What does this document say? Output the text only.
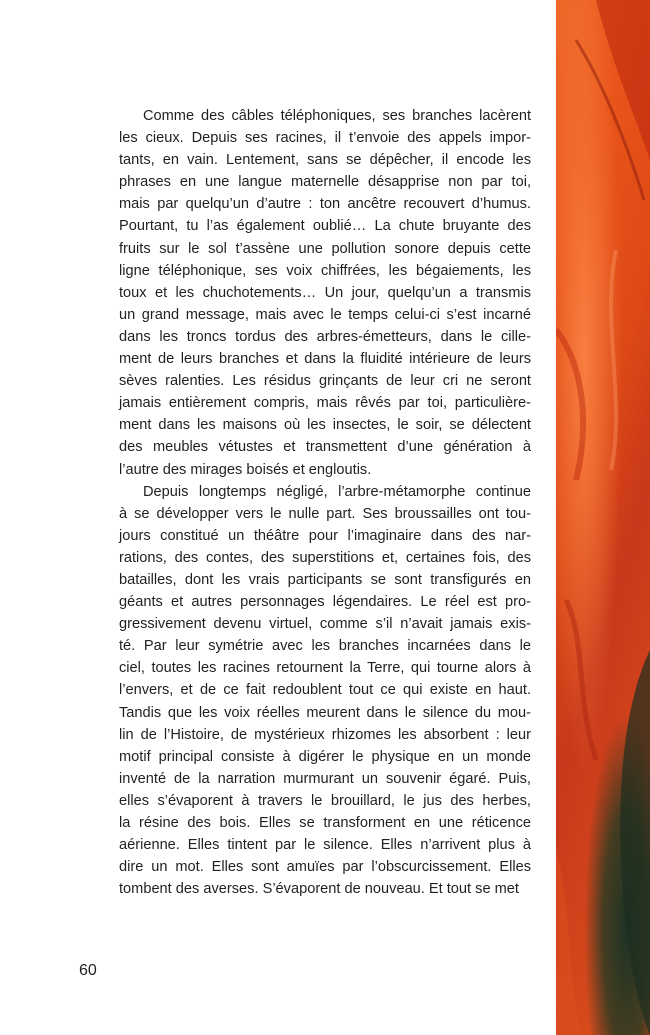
Comme des câbles téléphoniques, ses branches lacèrent
les cieux. Depuis ses racines, il t’envoie des appels impor-
tants, en vain. Lentement, sans se dépêcher, il encode les
phrases en une langue maternelle désapprise non par toi,
mais par quelqu’un d’autre : ton ancêtre recouvert d’humus.
Pourtant, tu l’as également oublié… La chute bruyante des
fruits sur le sol t’assène une pollution sonore depuis cette
ligne téléphonique, ses voix chiffrées, les bégaiements, les
toux et les chuchotements… Un jour, quelqu’un a transmis
un grand message, mais avec le temps celui-ci s’est incarné
dans les troncs tordus des arbres-émetteurs, dans le cille-
ment de leurs branches et dans la fluidité intérieure de leurs
sèves ralenties. Les résidus grinçants de leur cri ne seront
jamais entièrement compris, mais rêvés par toi, particulière-
ment dans les maisons où les insectes, le soir, se délectent
des meubles vétustes et transmettent d’une génération à
l’autre des mirages boisés et engloutis.
Depuis longtemps négligé, l’arbre-métamorphe continue
à se développer vers le nulle part. Ses broussailles ont tou-
jours constitué un théâtre pour l’imaginaire dans des nar-
rations, des contes, des superstitions et, certaines fois, des
batailles, dont les vrais participants se sont transfigurés en
géants et autres personnages légendaires. Le réel est pro-
gressivement devenu virtuel, comme s’il n’avait jamais exis-
té. Par leur symétrie avec les branches incarnées dans le
ciel, toutes les racines retournent la Terre, qui tourne alors à
l’envers, et de ce fait redoublent tout ce qui existe en haut.
Tandis que les voix réelles meurent dans le silence du mou-
lin de l’Histoire, de mystérieux rhizomes les absorbent : leur
motif principal consiste à digérer le physique en un monde
inventé de la narration murmurant un souvenir égaré. Puis,
elles s’évaporent à travers le brouillard, le jus des herbes,
la résine des bois. Elles se transforment en une réticence
aérienne. Elles tintent par le silence. Elles n’arrivent plus à
dire un mot. Elles sont amuïes par l’obscurcissement. Elles
tombent des averses. S’évaporent de nouveau. Et tout se met
60
